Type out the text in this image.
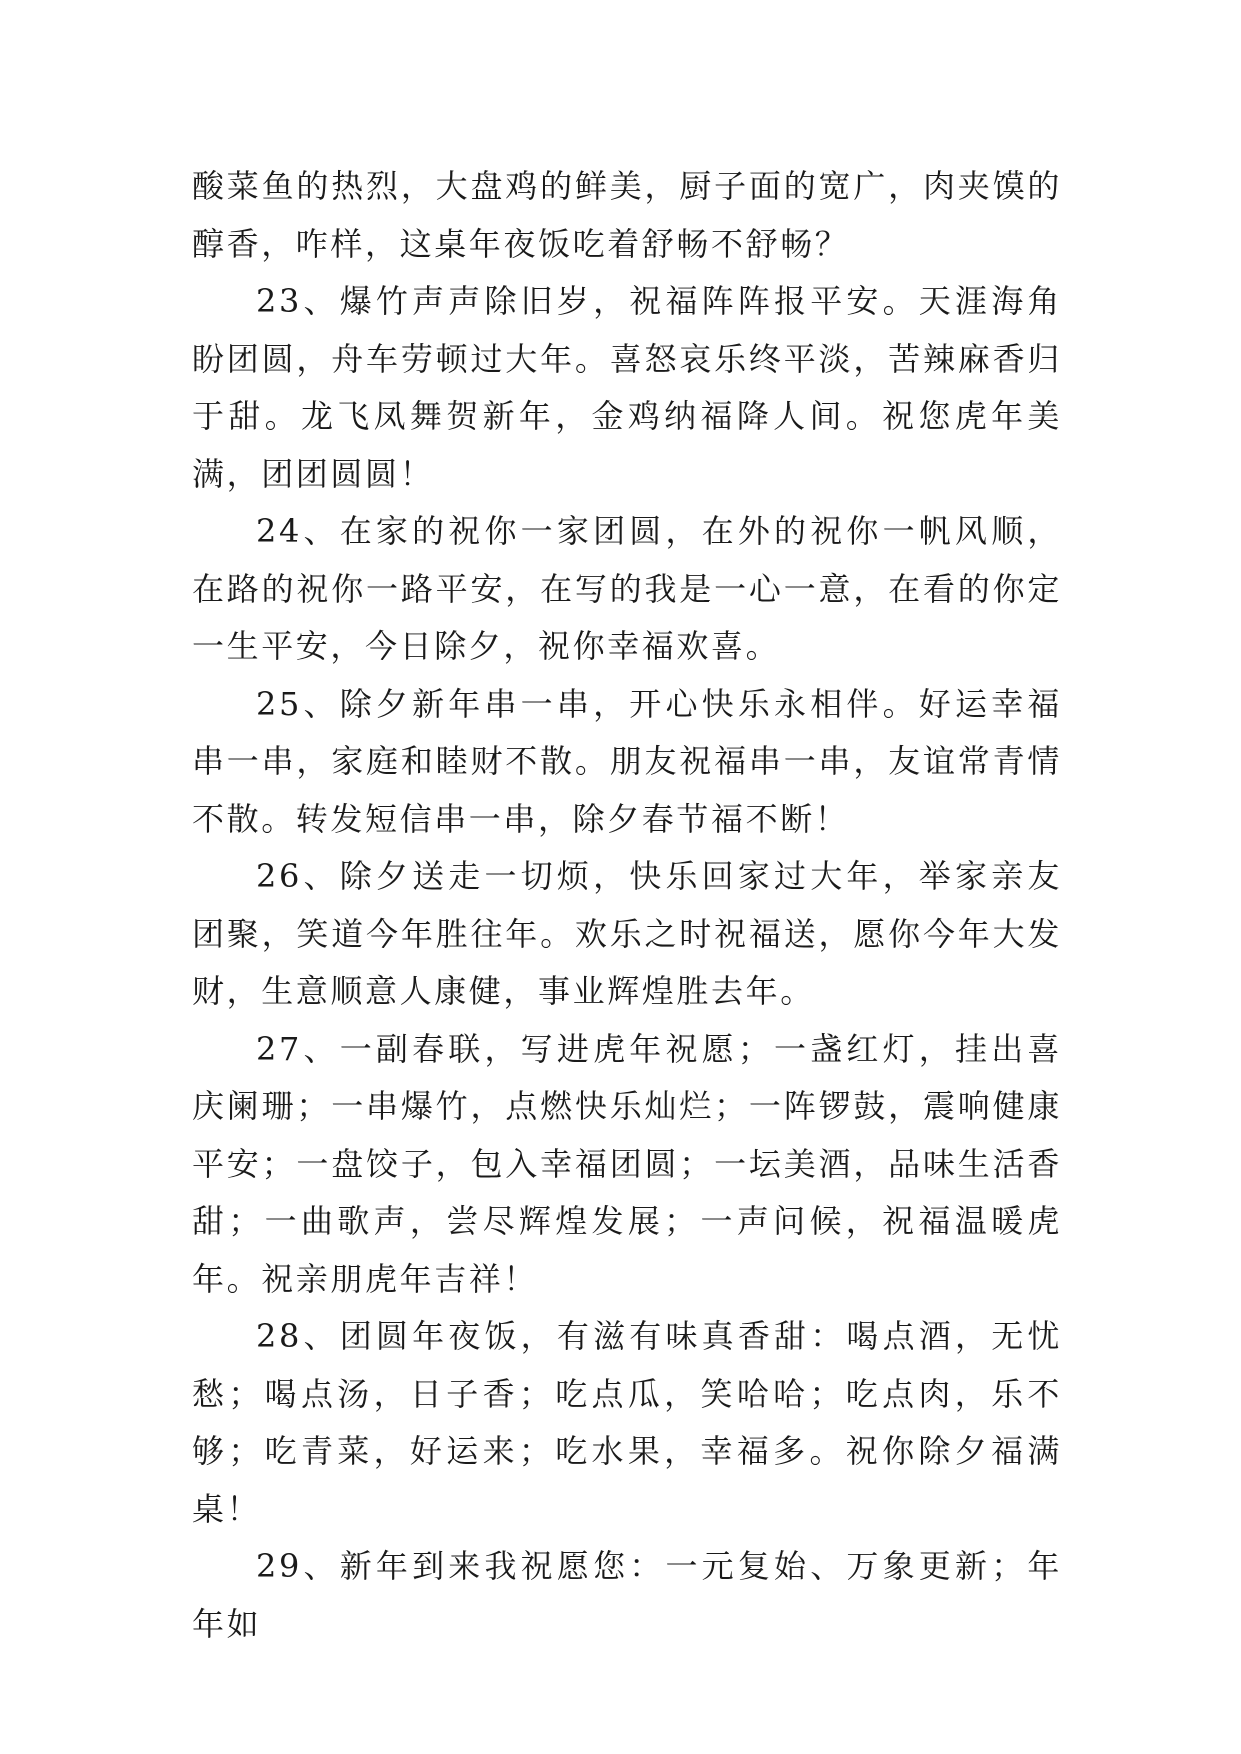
酸菜鱼的热烈，大盘鸡的鲜美，厨子面的宽广，肉夹馍的醇香，咋样，这桌年夜饭吃着舒畅不舒畅？

23、爆竹声声除旧岁，祝福阵阵报平安。天涯海角盼团圆，舟车劳顿过大年。喜怒哀乐终平淡，苦辣麻香归于甜。龙飞凤舞贺新年，金鸡纳福降人间。祝您虎年美满，团团圆圆！

24、在家的祝你一家团圆，在外的祝你一帆风顺，在路的祝你一路平安，在写的我是一心一意，在看的你定一生平安，今日除夕，祝你幸福欢喜。

25、除夕新年串一串，开心快乐永相伴。好运幸福串一串，家庭和睦财不散。朋友祝福串一串，友谊常青情不散。转发短信串一串，除夕春节福不断！

26、除夕送走一切烦，快乐回家过大年，举家亲友团聚，笑道今年胜往年。欢乐之时祝福送，愿你今年大发财，生意顺意人康健，事业辉煌胜去年。

27、一副春联，写进虎年祝愿；一盏红灯，挂出喜庆阑珊；一串爆竹，点燃快乐灿烂；一阵锣鼓，震响健康平安；一盘饺子，包入幸福团圆；一坛美酒，品味生活香甜；一曲歌声，尝尽辉煌发展；一声问候，祝福温暖虎年。祝亲朋虎年吉祥！

28、团圆年夜饭，有滋有味真香甜：喝点酒，无忧愁；喝点汤，日子香；吃点瓜，笑哈哈；吃点肉，乐不够；吃青菜，好运来；吃水果，幸福多。祝你除夕福满桌！

29、新年到来我祝愿您：一元复始、万象更新；年年如
